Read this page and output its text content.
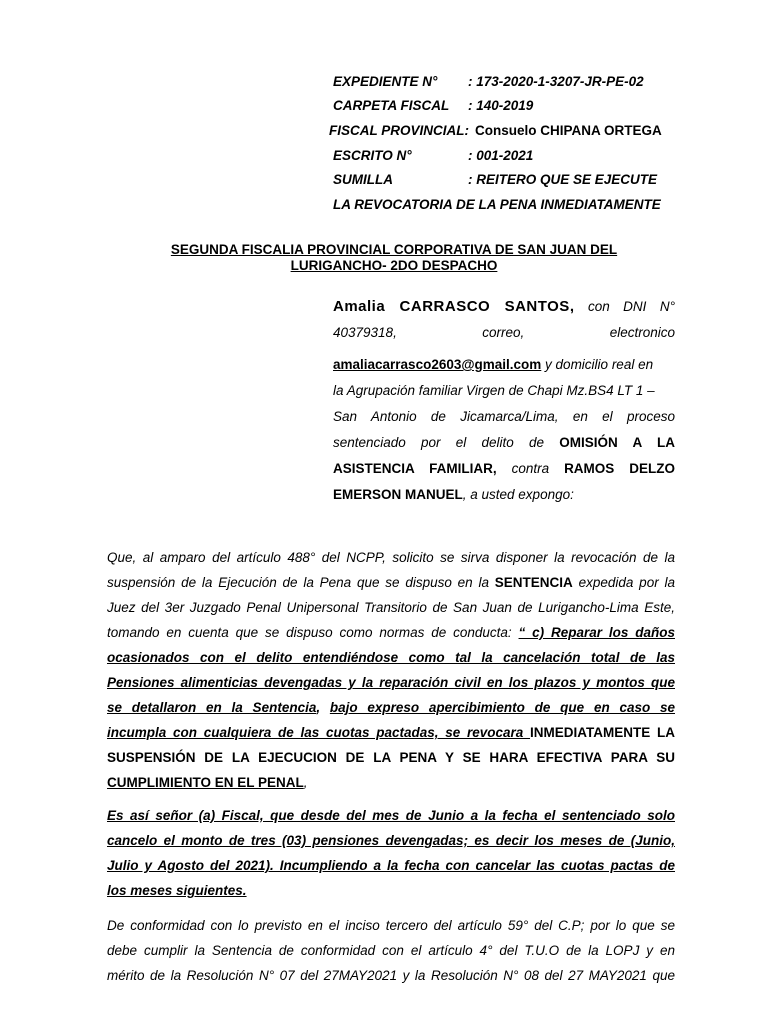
EXPEDIENTE N° : 173-2020-1-3207-JR-PE-02
CARPETA FISCAL : 140-2019
FISCAL PROVINCIAL: Consuelo CHIPANA ORTEGA
ESCRITO N°	: 001-2021
SUMILLA	: REITERO QUE SE EJECUTE
LA REVOCATORIA DE LA PENA INMEDIATAMENTE
SEGUNDA FISCALIA PROVINCIAL CORPORATIVA DE SAN JUAN DEL
LURIGANCHO- 2DO DESPACHO
Amalia CARRASCO SANTOS, con DNI N°
40379318, correo, electronico
amaliacarrasco2603@gmail.com y domicilio real en
la Agrupación familiar Virgen de Chapi Mz.BS4 LT 1 –
San Antonio de Jicamarca/Lima, en el proceso
sentenciado por el delito de OMISIÓN A LA
ASISTENCIA FAMILIAR, contra RAMOS DELZO
EMERSON MANUEL, a usted expongo:
Que, al amparo del artículo 488° del NCPP, solicito se sirva disponer la revocación de la
suspensión de la Ejecución de la Pena que se dispuso en la SENTENCIA expedida por la
Juez del 3er Juzgado Penal Unipersonal Transitorio de San Juan de Lurigancho-Lima Este,
tomando en cuenta que se dispuso como normas de conducta: “ c) Reparar los daños
ocasionados con el delito entendiéndose como tal la cancelación total de las
Pensiones alimenticias devengadas y la reparación civil en los plazos y montos que
se detallaron en la Sentencia, bajo expreso apercibimiento de que en caso se
incumpla con cualquiera de las cuotas pactadas, se revocara INMEDIATAMENTE LA
SUSPENSIÓN DE LA EJECUCION DE LA PENA Y SE HARA EFECTIVA PARA SU
CUMPLIMIENTO EN EL PENAL,
Es así señor (a) Fiscal, que desde del mes de Junio a la fecha el sentenciado solo
cancelo el monto de tres (03) pensiones devengadas; es decir los meses de (Junio,
Julio y Agosto del 2021). Incumpliendo a la fecha con cancelar las cuotas pactas de
los meses siguientes.
De conformidad con lo previsto en el inciso tercero del artículo 59° del C.P; por lo que se
debe cumplir la Sentencia de conformidad con el artículo 4° del T.U.O de la LOPJ y en
mérito de la Resolución N° 07 del 27MAY2021 y la Resolución N° 08 del 27 MAY2021 que
